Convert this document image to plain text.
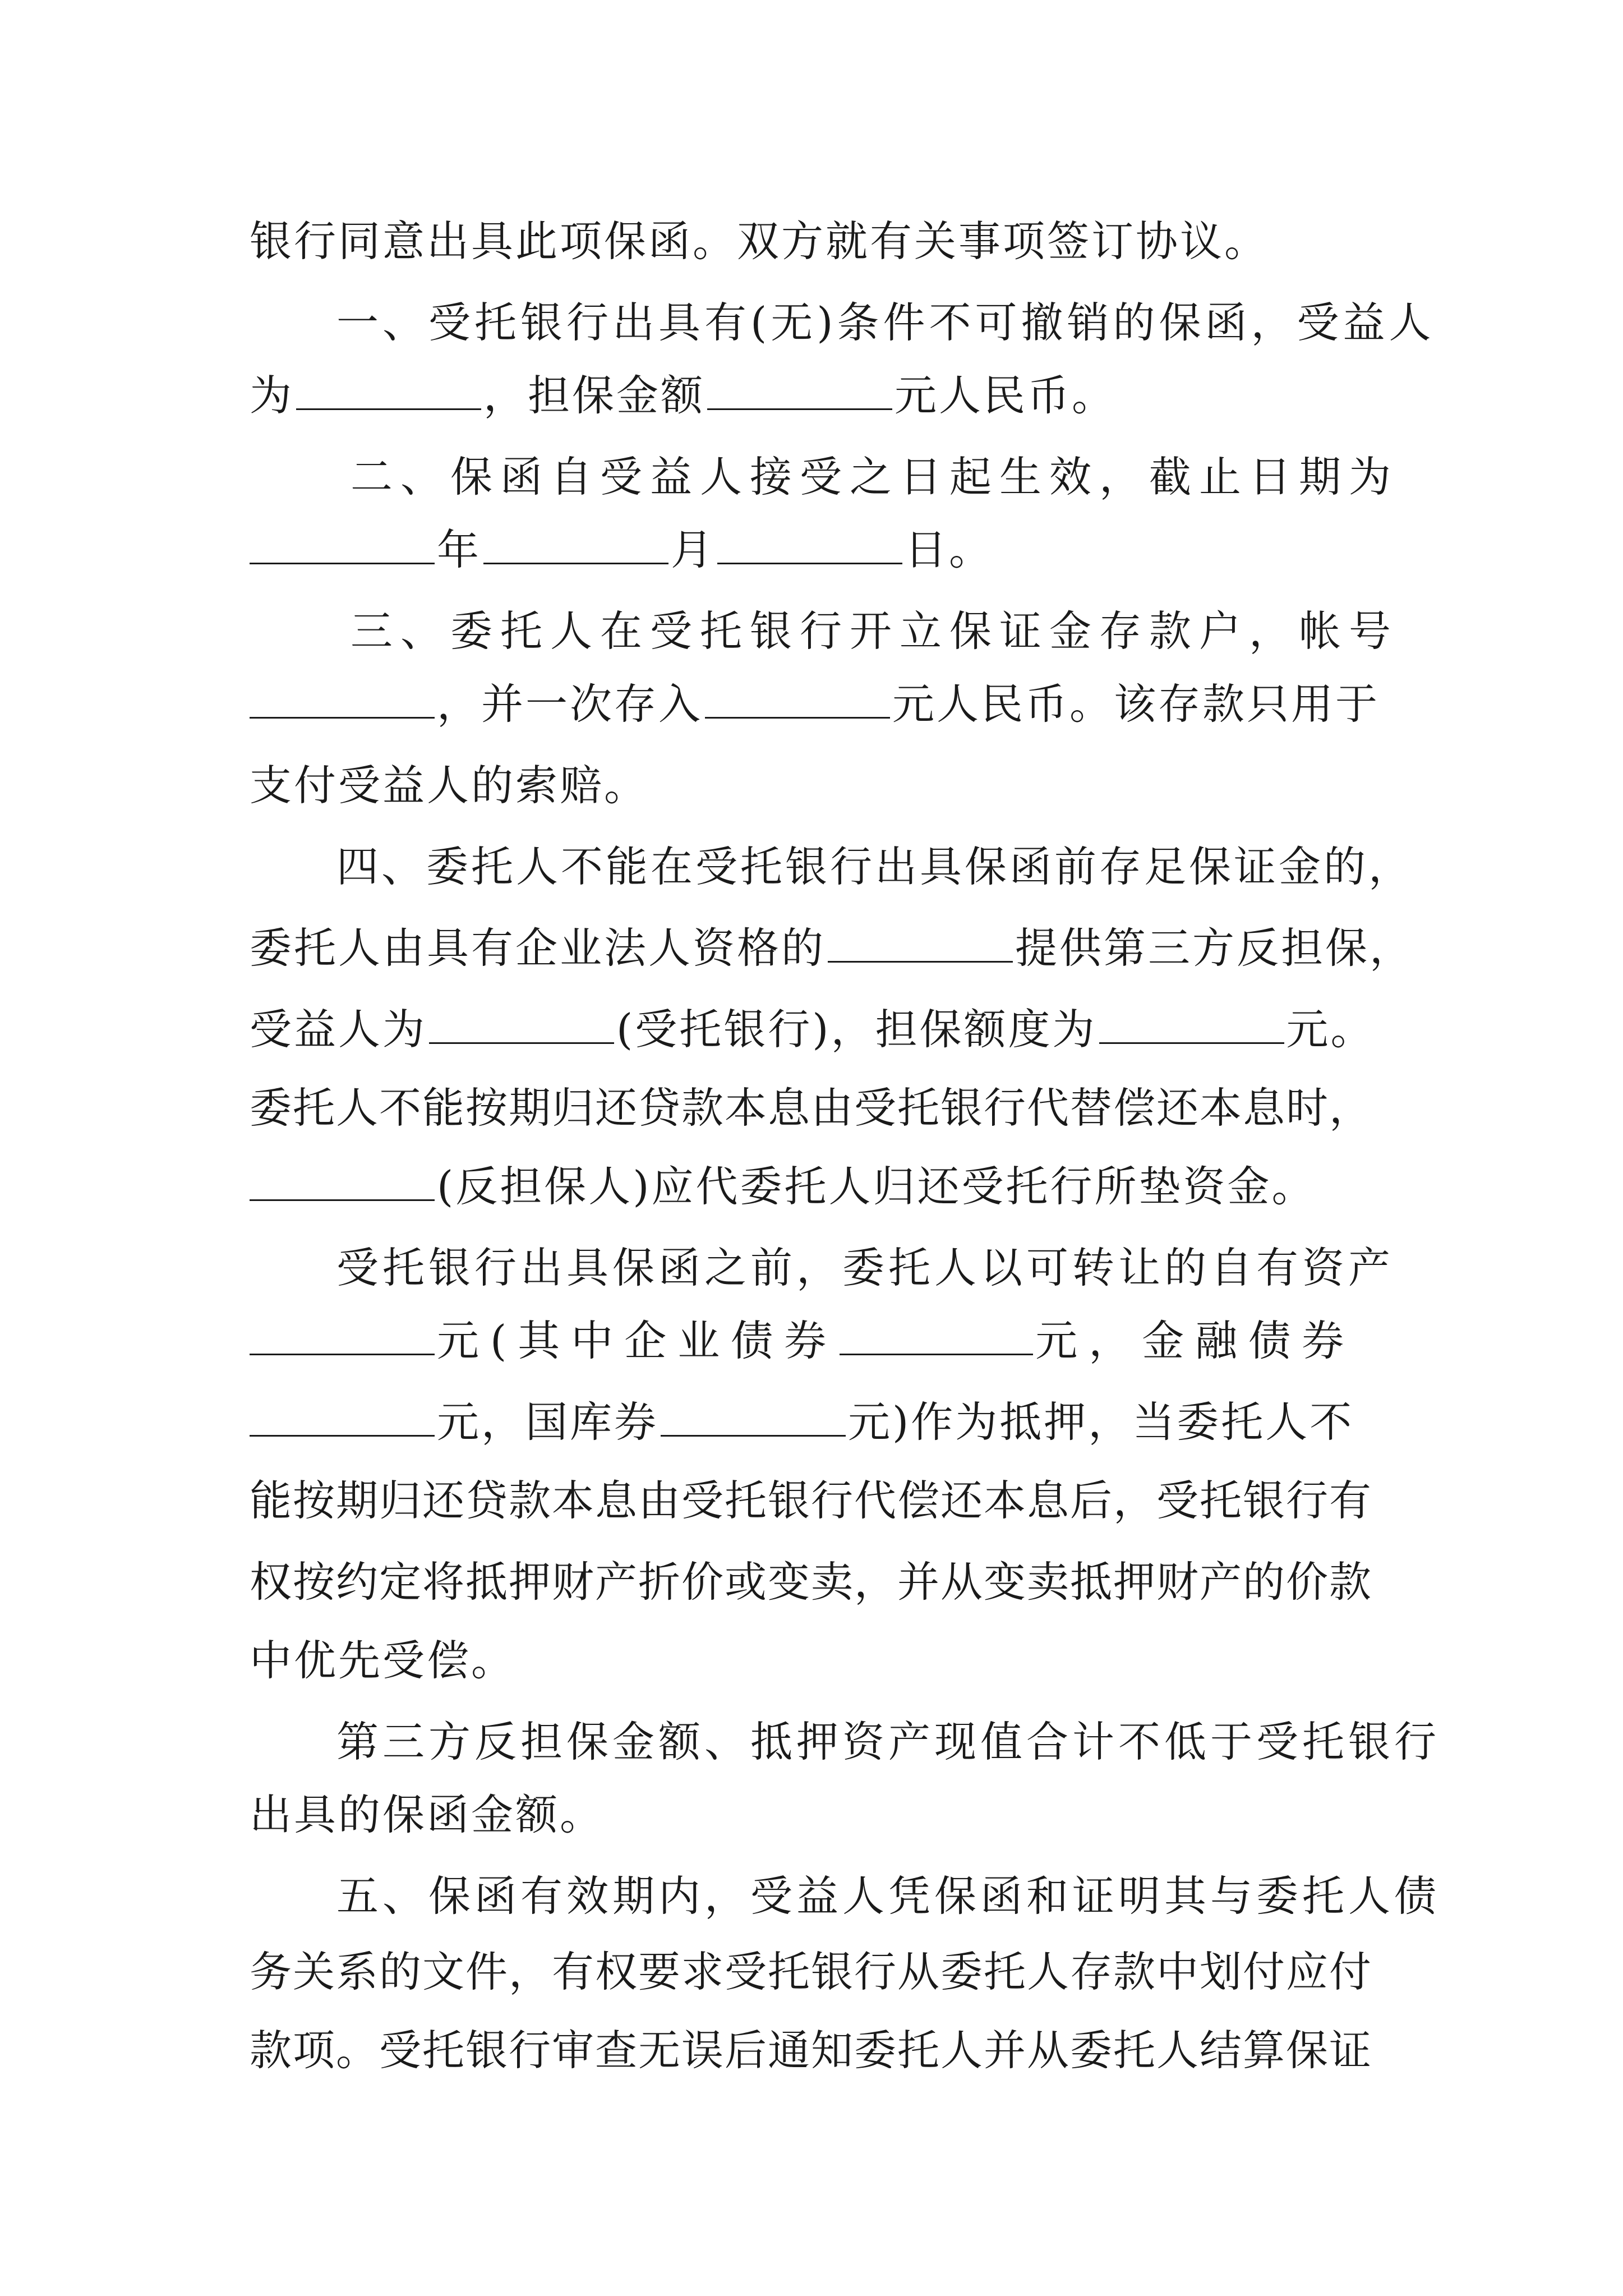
银行同意出具此项保函。双方就有关事项签订协议。
一、受托银行出具有(无)条件不可撤销的保函，受益人
为	，担保金额	元人民币。
二、保函自受益人接受之日起生效，截止日期为
年	月	日。
三、委托人在受托银行开立保证金存款户，帐号
，并一次存入	元人民币。该存款只用于
支付受益人的索赔。
四、委托人不能在受托银行出具保函前存足保证金的，
委托人由具有企业法人资格的	提供第三方反担保，
受益人为	(受托银行)，担保额度为	元。
委托人不能按期归还贷款本息由受托银行代替偿还本息时，
(反担保人)应代委托人归还受托行所垫资金。
受托银行出具保函之前，委托人以可转让的自有资产
元(其中企业债券	元，金融债券
元，国库券	元)作为抵押，当委托人不
能按期归还贷款本息由受托银行代偿还本息后，受托银行有
权按约定将抵押财产折价或变卖，并从变卖抵押财产的价款
中优先受偿。
第三方反担保金额、抵押资产现值合计不低于受托银行
出具的保函金额。
五、保函有效期内，受益人凭保函和证明其与委托人债
务关系的文件，有权要求受托银行从委托人存款中划付应付
款项。受托银行审查无误后通知委托人并从委托人结算保证
